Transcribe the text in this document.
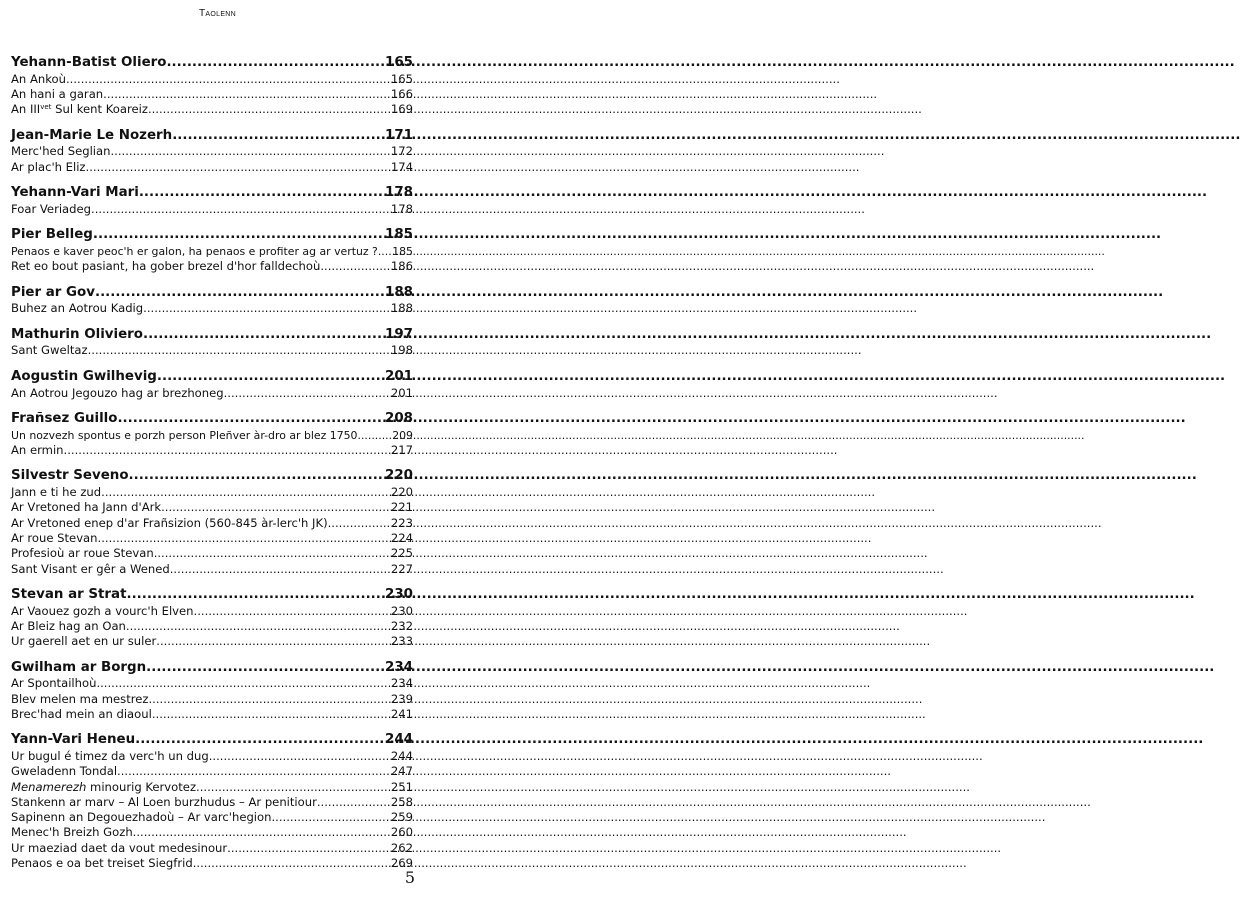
Taolenn
Yehann-Batist Oliero .....	165
An Ankoù .....	165
An hani a garan .....	166
An $III^{vet}$ Sul kent Koareiz .....	169
Jean-Marie Le Nozerh .....	171
Merc'hed Seglian .....	172
Ar plac'h Eliz .....	174
Yehann-Vari Mari .....	178
Foar Veriadeg .....	178
Pier Belleg .....	185
Penaos e kaver peoc'h er galon, ha penaos e profiter ag ar vertuz ? ..... 185
Ret eo bout pasiant, ha gober brezel d'hor falldechoù .....	186
Pier ar Gov .....	188
Buhez an Aotrou Kadig .....	188
Mathurin Oliviero .....	197
Sant Gweltaz .....	198
Aogustin Gwilhevig .....	201
An Aotrou Jegouzo hag ar brezhoneg .....	201
Frañsez Guillo .....	208
Un nozvezh spontus e porzh person Pleñver àr-dro ar blez 1750 .....	209
An ermin .....	217
Silvestr Seveno .....	220
Jann e ti he zud .....	220
Ar Vretoned ha Jann d'Ark .....	221
Ar Vretoned enep d'ar Frañsizion (560-845 àr-lerc'h JK) .....	223
Ar roue Stevan .....	224
Profesioù ar roue Stevan .....	225
Sant Visant er gêr a Wened .....	227
Stevan ar Strat .....	230
Ar Vaouez gozh a vourc'h Elven .....	230
Ar Bleiz hag an Oan .....	232
Ur gaerell aet en ur suler .....	233
Gwilham ar Borgn .....	234
Ar Spontailhoù .....	234
Blev melen ma mestrez .....	239
Brec'had mein an diaoul .....	241
Yann-Vari Heneu .....	244
Ur bugul é timez da verc'h un dug .....	244
Gweladenn Tondal .....	247
Menamerezh minourig Kervotez .....	251
Stankenn ar marv – Al Loen burzhudus – Ar penitiour .....	258
Sapinenn an Degouezhadoù – Ar varc'hegion .....	259
Menec'h Breizh Gozh .....	260
Ur maeziad daet da vout medesinour .....	262
Penaos e oa bet treiset Siegfrid .....	269
5
